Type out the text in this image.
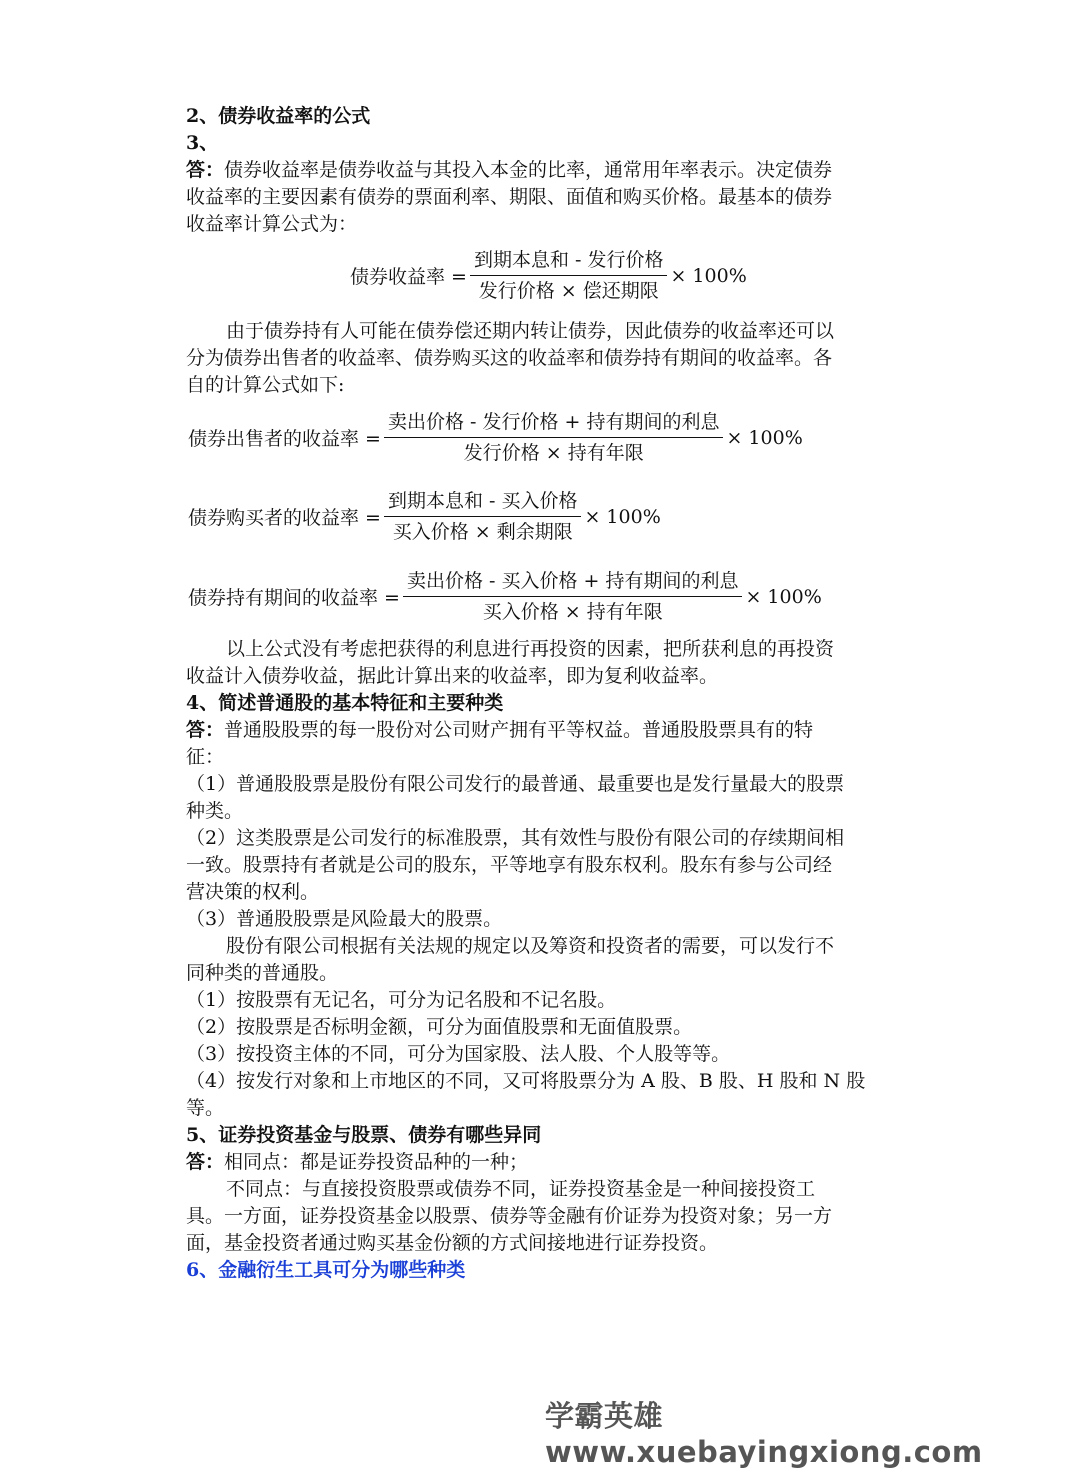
2、债券收益率的公式
3、
答：债券收益率是债券收益与其投入本金的比率，通常用年率表示。决定债券
收益率的主要因素有债券的票面利率、期限、面值和购买价格。最基本的债券
收益率计算公式为：
债券收益率 = $\frac{\text{到期本息和 - 发行价格}}{\text{发行价格 × 偿还期限}} \times 100\%$
由于债券持有人可能在债券偿还期内转让债券，因此债券的收益率还可以
分为债券出售者的收益率、债券购买这的收益率和债券持有期间的收益率。各
自的计算公式如下:
债券出售者的收益率 = $\frac{\text{卖出价格 - 发行价格 + 持有期间的利息}}{\text{发行价格 × 持有年限}} \times 100\%$
债券购买者的收益率 = $\frac{\text{到期本息和 - 买入价格}}{\text{买入价格 × 剩余期限}} \times 100\%$
债券持有期间的收益率 = $\frac{\text{卖出价格 - 买入价格 + 持有期间的利息}}{\text{买入价格 × 持有年限}} \times 100\%$
以上公式没有考虑把获得的利息进行再投资的因素，把所获利息的再投资
收益计入债券收益，据此计算出来的收益率，即为复利收益率。
4、简述普通股的基本特征和主要种类
答：普通股股票的每一股份对公司财产拥有平等权益。普通股股票具有的特
征：
（1）普通股股票是股份有限公司发行的最普通、最重要也是发行量最大的股票
种类。
（2）这类股票是公司发行的标准股票，其有效性与股份有限公司的存续期间相
一致。股票持有者就是公司的股东，平等地享有股东权利。股东有参与公司经
营决策的权利。
（3）普通股股票是风险最大的股票。
股份有限公司根据有关法规的规定以及筹资和投资者的需要，可以发行不
同种类的普通股。
（1）按股票有无记名，可分为记名股和不记名股。
（2）按股票是否标明金额，可分为面值股票和无面值股票。
（3）按投资主体的不同，可分为国家股、法人股、个人股等等。
（4）按发行对象和上市地区的不同，又可将股票分为 A 股、B 股、H 股和 N 股
等。
5、证券投资基金与股票、债券有哪些异同
答：相同点：都是证券投资品种的一种；
不同点：与直接投资股票或债券不同，证券投资基金是一种间接投资工
具。一方面，证券投资基金以股票、债券等金融有价证券为投资对象；另一方
面，基金投资者通过购买基金份额的方式间接地进行证券投资。
6、金融衍生工具可分为哪些种类
学霸英雄 www.xuebayingxiong.com
